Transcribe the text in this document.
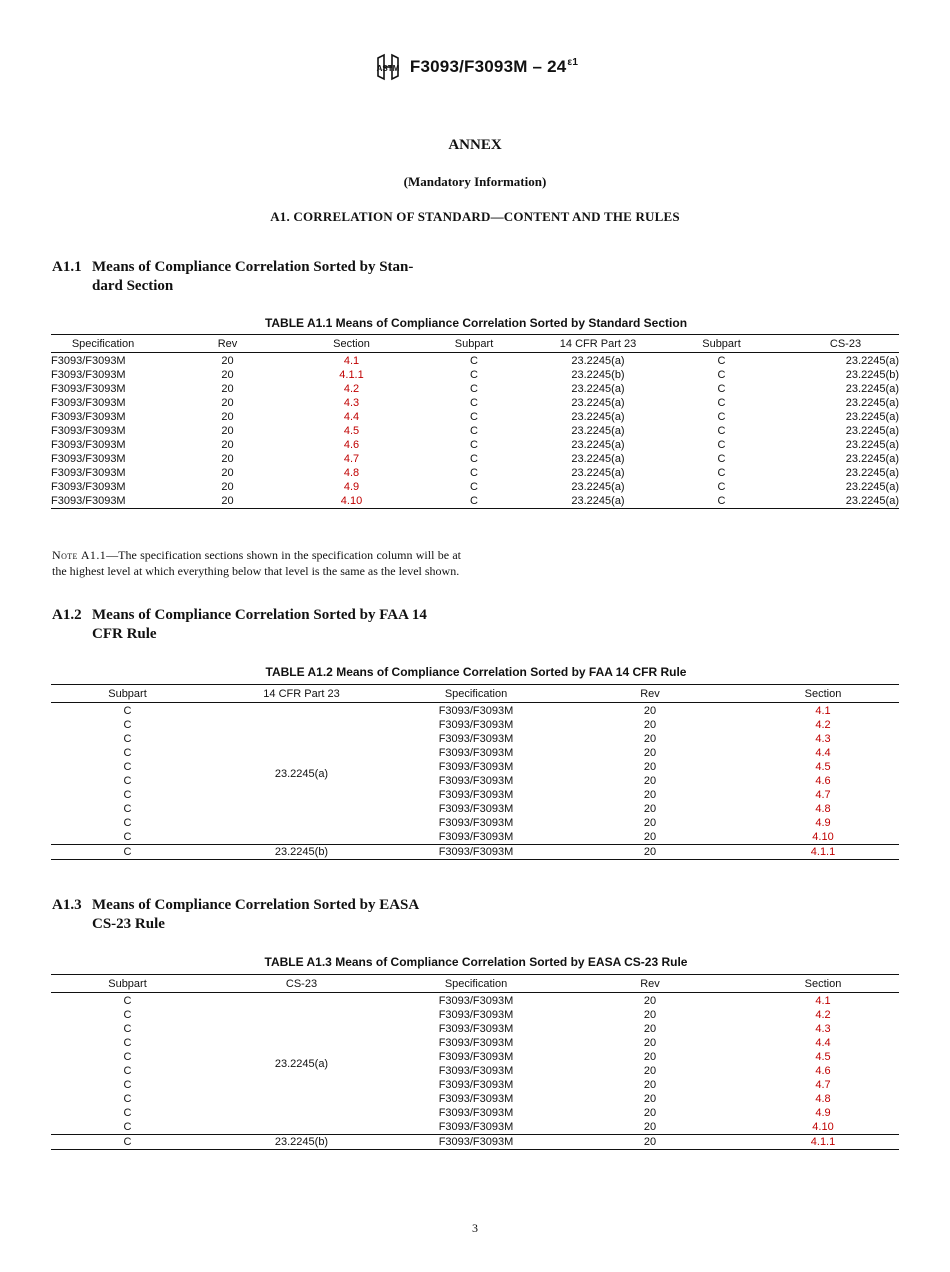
ASTM $F3093/F3093M - 24^{\varepsilon 1}$
ANNEX
(Mandatory Information)
A1. CORRELATION OF STANDARD—CONTENT AND THE RULES
A1.1 Means of Compliance Correlation Sorted by Stan-
dard Section
TABLE A1.1 Means of Compliance Correlation Sorted by Standard Section
Specification	Rev	Section	Subpart	14 CFR Part 23	Subpart	CS-23
F3093/F3093M	20	4.1	C	23.2245(a)	C	23.2245(a)
F3093/F3093M	20	4.1.1	C	23.2245(b)	C	23.2245(b)
F3093/F3093M	20	4.2	C	23.2245(a)	C	23.2245(a)
F3093/F3093M	20	4.3	C	23.2245(a)	C	23.2245(a)
F3093/F3093M	20	4.4	C	23.2245(a)	C	23.2245(a)
F3093/F3093M	20	4.5	C	23.2245(a)	C	23.2245(a)
F3093/F3093M	20	4.6	C	23.2245(a)	C	23.2245(a)
F3093/F3093M	20	4.7	C	23.2245(a)	C	23.2245(a)
F3093/F3093M	20	4.8	C	23.2245(a)	C	23.2245(a)
F3093/F3093M	20	4.9	C	23.2245(a)	C	23.2245(a)
F3093/F3093M	20	4.10	C	23.2245(a)	C	23.2245(a)
Note A1.1—The specification sections shown in the specification column will be at the highest level at which everything below that level is the same as the level shown.
A1.2 Means of Compliance Correlation Sorted by FAA 14
CFR Rule
TABLE A1.2 Means of Compliance Correlation Sorted by FAA 14 CFR Rule
Subpart	14 CFR Part 23	Specification	Rev	Section
C	23.2245(a)	F3093/F3093M	20	4.1
C		F3093/F3093M	20	4.2
C		F3093/F3093M	20	4.3
C		F3093/F3093M	20	4.4
C		F3093/F3093M	20	4.5
C		F3093/F3093M	20	4.6
C		F3093/F3093M	20	4.7
C		F3093/F3093M	20	4.8
C		F3093/F3093M	20	4.9
C		F3093/F3093M	20	4.10
C	23.2245(b)	F3093/F3093M	20	4.1.1
A1.3 Means of Compliance Correlation Sorted by EASA
CS-23 Rule
TABLE A1.3 Means of Compliance Correlation Sorted by EASA CS-23 Rule
Subpart	CS-23	Specification	Rev	Section
C	23.2245(a)	F3093/F3093M	20	4.1
C		F3093/F3093M	20	4.2
C		F3093/F3093M	20	4.3
C		F3093/F3093M	20	4.4
C		F3093/F3093M	20	4.5
C		F3093/F3093M	20	4.6
C		F3093/F3093M	20	4.7
C		F3093/F3093M	20	4.8
C		F3093/F3093M	20	4.9
C		F3093/F3093M	20	4.10
C	23.2245(b)	F3093/F3093M	20	4.1.1
3
